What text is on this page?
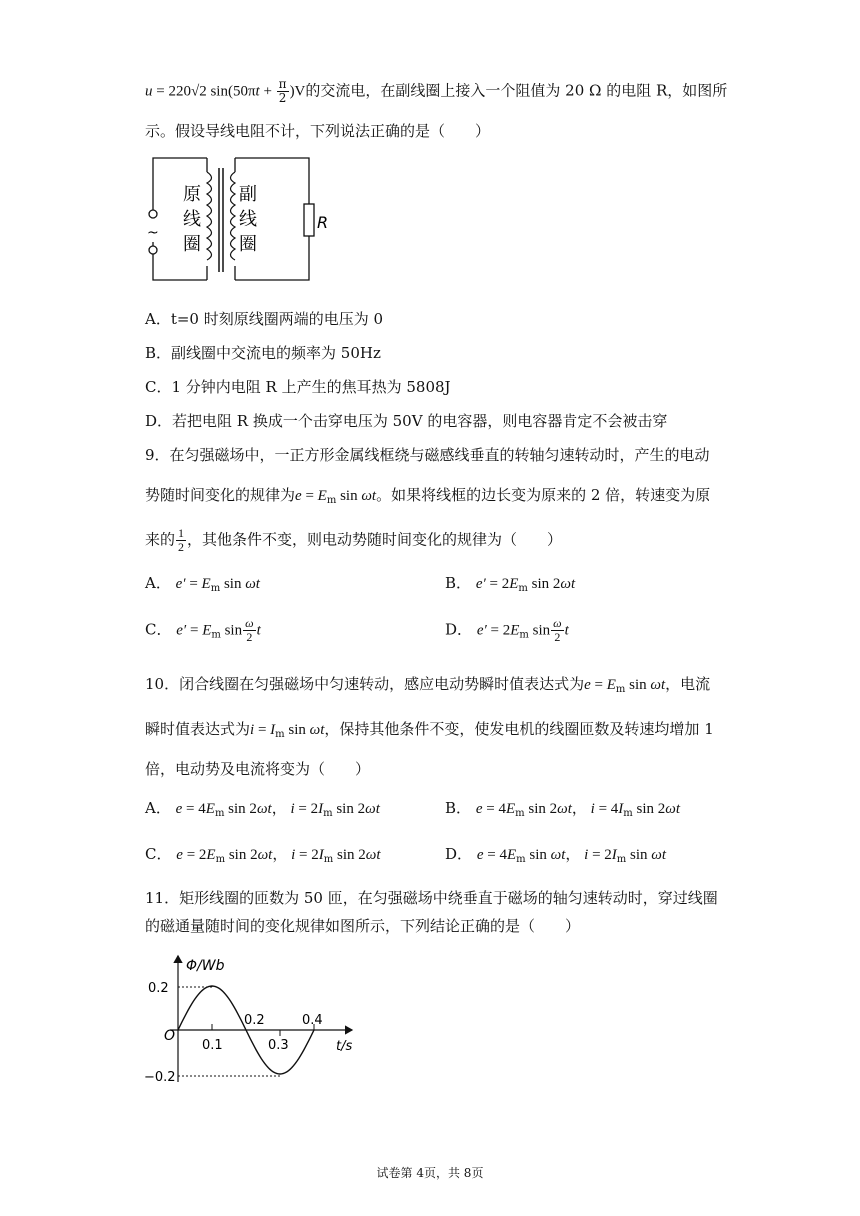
u = 220√2 $\sin(50\pi t + \frac{\pi}{2} )V$的交流电，在副线圈上接入一个阻值为 20 Ω 的电阻 R，如图所
示。假设导线电阻不计，下列说法正确的是（　　）
~
原
线
圈
副
线
圈
R
A．t=0 时刻原线圈两端的电压为 0
B．副线圈中交流电的频率为 50Hz
C．1 分钟内电阻 R 上产生的焦耳热为 5808J
D．若把电阻 R 换成一个击穿电压为 50V 的电容器，则电容器肯定不会被击穿
9．在匀强磁场中，一正方形金属线框绕与磁感线垂直的转轴匀速转动时，产生的电动
势随时间变化的规律为$e = E_m$ sin ωt。如果将线框的边长变为原来的 2 倍，转速变为原
来的 $\frac{1}{2}$ ，其他条件不变，则电动势随时间变化的规律为（　　）
A． $e' = E_m$ sin ωt	B． $e' = 2E_m$ sin 2ωt
C． $e' = E_m$ $\sin \frac{\omega}{2}$ t	D． $e' = 2E_m$ $\sin \frac{\omega}{2}$ t
10．闭合线圈在匀强磁场中匀速转动，感应电动势瞬时值表达式为$e = E_m$ sin ωt，电流
瞬时值表达式为$i = I_m$ sin ωt，保持其他条件不变，使发电机的线圈匝数及转速均增加 1
倍，电动势及电流将变为（　　）
A． $e = 4E_m$ sin 2ωt， $i = 2I_m$ sin 2ωt	B． $e = 4E_m$ sin 2ωt， $i = 4I_m$ sin 2ωt
C． $e = 2E_m$ sin 2ωt， $i = 2I_m$ sin 2ωt	D． $e = 4E_m$ sin ωt， $i = 2I_m$ sin ωt
11．矩形线圈的匝数为 50 匝，在匀强磁场中绕垂直于磁场的轴匀速转动时，穿过线圈
的磁通量随时间的变化规律如图所示，下列结论正确的是（　　）
Φ/Wb
t/s
O
0.2
−0.2
0.1	0.3
0.2	0.4
试卷第 4页，共 8页
